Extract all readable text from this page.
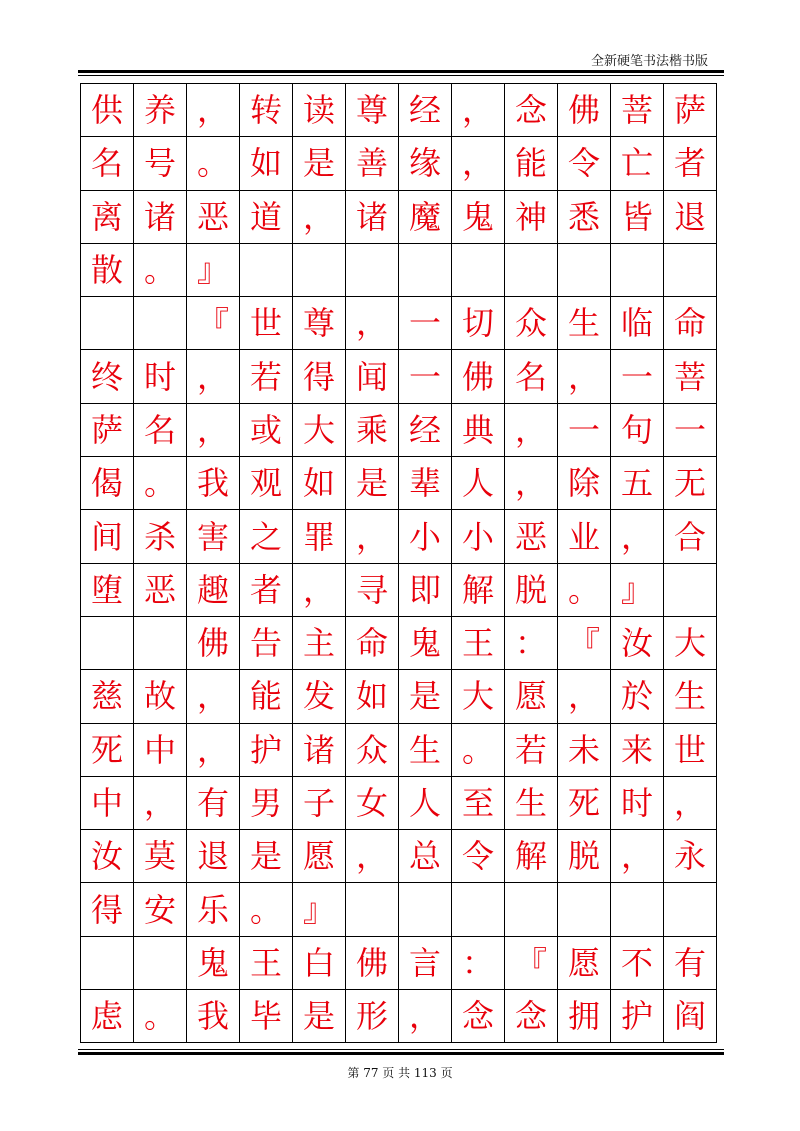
全新硬笔书法楷书版
供	养	，	转	读	尊	经	，	念	佛	菩	萨
名	号	。	如	是	善	缘	，	能	令	亡	者
离	诸	恶	道	，	诸	魔	鬼	神	悉	皆	退
散	。	』									
		『	世	尊	，	一	切	众	生	临	命
终	时	，	若	得	闻	一	佛	名	，	一	菩
萨	名	，	或	大	乘	经	典	，	一	句	一
偈	。	我	观	如	是	辈	人	，	除	五	无
间	杀	害	之	罪	，	小	小	恶	业	，	合
堕	恶	趣	者	，	寻	即	解	脱	。	』	
		佛	告	主	命	鬼	王	：	『	汝	大
慈	故	，	能	发	如	是	大	愿	，	於	生
死	中	，	护	诸	众	生	。	若	未	来	世
中	，	有	男	子	女	人	至	生	死	时	，
汝	莫	退	是	愿	，	总	令	解	脱	，	永
得	安	乐	。	』							
		鬼	王	白	佛	言	：	『	愿	不	有
虑	。	我	毕	是	形	，	念	念	拥	护	阎
第 77 页 共 113 页
